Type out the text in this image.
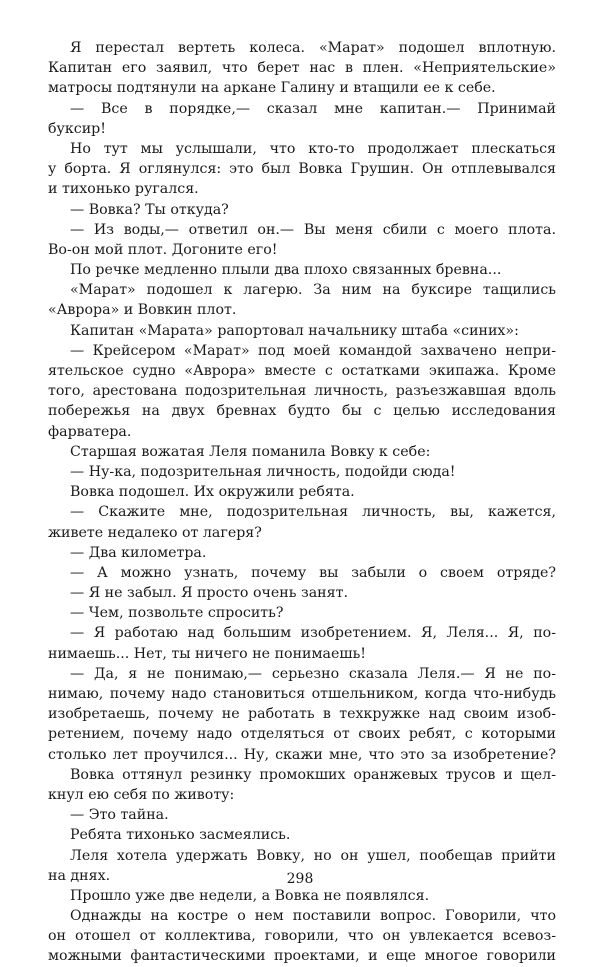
Я перестал вертеть колеса. «Марат» подошел вплотную.
Капитан его заявил, что берет нас в плен. «Неприятельские»
матросы подтянули на аркане Галину и втащили ее к себе.
— Все в порядке,— сказал мне капитан.— Принимай
буксир!
Но тут мы услышали, что кто-то продолжает плескаться
у борта. Я оглянулся: это был Вовка Грушин. Он отплевывался
и тихонько ругался.
— Вовка? Ты откуда?
— Из воды,— ответил он.— Вы меня сбили с моего плота.
Во-он мой плот. Догоните его!
По речке медленно плыли два плохо связанных бревна...
«Марат» подошел к лагерю. За ним на буксире тащились
«Аврора» и Вовкин плот.
Капитан «Марата» рапортовал начальнику штаба «синих»:
— Крейсером «Марат» под моей командой захвачено непри-
ятельское судно «Аврора» вместе с остатками экипажа. Кроме
того, арестована подозрительная личность, разъезжавшая вдоль
побережья на двух бревнах будто бы с целью исследования
фарватера.
Старшая вожатая Леля поманила Вовку к себе:
— Ну-ка, подозрительная личность, подойди сюда!
Вовка подошел. Их окружили ребята.
— Скажите мне, подозрительная личность, вы, кажется,
живете недалеко от лагеря?
— Два километра.
— А можно узнать, почему вы забыли о своем отряде?
— Я не забыл. Я просто очень занят.
— Чем, позвольте спросить?
— Я работаю над большим изобретением. Я, Леля... Я, по-
нимаешь... Нет, ты ничего не понимаешь!
— Да, я не понимаю,— серьезно сказала Леля.— Я не по-
нимаю, почему надо становиться отшельником, когда что-нибудь
изобретаешь, почему не работать в техкружке над своим изоб-
ретением, почему надо отделяться от своих ребят, с которыми
столько лет проучился... Ну, скажи мне, что это за изобретение?
Вовка оттянул резинку промокших оранжевых трусов и щел-
кнул ею себя по животу:
— Это тайна.
Ребята тихонько засмеялись.
Леля хотела удержать Вовку, но он ушел, пообещав прийти
на днях.
Прошло уже две недели, а Вовка не появлялся.
Однажды на костре о нем поставили вопрос. Говорили, что
он отошел от коллектива, говорили, что он увлекается всевоз-
можными фантастическими проектами, и еще многое говорили
298
